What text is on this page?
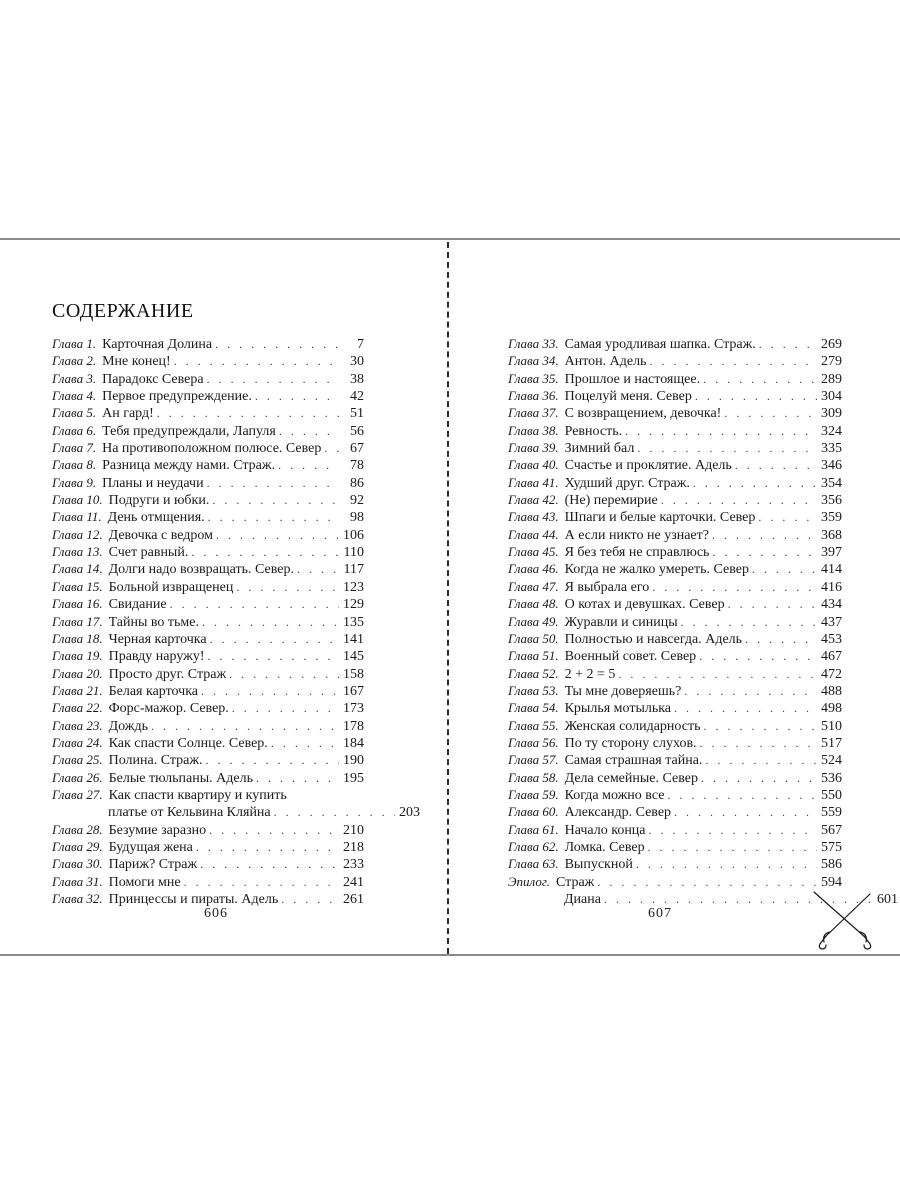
СОДЕРЖАНИЕ
Глава 1. Карточная Долина . . .	7
Глава 2. Мне конец! . . .	30
Глава 3. Парадокс Севера . . .	38
Глава 4. Первое предупреждение. . . .	42
Глава 5. Ан гард! . . .	51
Глава 6. Тебя предупреждали, Лапуля . . .	56
Глава 7. На противоположном полюсе. Север . . .	67
Глава 8. Разница между нами. Страж. . . .	78
Глава 9. Планы и неудачи . . .	86
Глава 10. Подруги и юбки. . . .	92
Глава 11. День отмщения. . . .	98
Глава 12. Девочка с ведром . . .	106
Глава 13. Счет равный. . . .	110
Глава 14. Долги надо возвращать. Север. . . .	117
Глава 15. Больной извращенец . . .	123
Глава 16. Свидание . . .	129
Глава 17. Тайны во тьме. . . .	135
Глава 18. Черная карточка . . .	141
Глава 19. Правду наружу! . . .	145
Глава 20. Просто друг. Страж . . .	158
Глава 21. Белая карточка . . .	167
Глава 22. Форс-мажор. Север. . . .	173
Глава 23. Дождь . . .	178
Глава 24. Как спасти Солнце. Север. . . .	184
Глава 25. Полина. Страж. . . .	190
Глава 26. Белые тюльпаны. Адель . . .	195
Глава 27. Как спасти квартиру и купить
платье от Кельвина Кляйна . . .	203
Глава 28. Безумие заразно . . .	210
Глава 29. Будущая жена . . .	218
Глава 30. Париж? Страж . . .	233
Глава 31. Помоги мне . . .	241
Глава 32. Принцессы и пираты. Адель . . .	261
606
Глава 33. Самая уродливая шапка. Страж. . . .	269
Глава 34. Антон. Адель . . .	279
Глава 35. Прошлое и настоящее. . . .	289
Глава 36. Поцелуй меня. Север . . .	304
Глава 37. С возвращением, девочка! . . .	309
Глава 38. Ревность. . . .	324
Глава 39. Зимний бал . . .	335
Глава 40. Счастье и проклятие. Адель . . .	346
Глава 41. Худший друг. Страж. . . .	354
Глава 42. (Не) перемирие . . .	356
Глава 43. Шпаги и белые карточки. Север . . .	359
Глава 44. А если никто не узнает? . . .	368
Глава 45. Я без тебя не справлюсь . . .	397
Глава 46. Когда не жалко умереть. Север . . .	414
Глава 47. Я выбрала его . . .	416
Глава 48. О котах и девушках. Север . . .	434
Глава 49. Журавли и синицы . . .	437
Глава 50. Полностью и навсегда. Адель . . .	453
Глава 51. Военный совет. Север . . .	467
Глава 52. 2 + 2 = 5 . . .	472
Глава 53. Ты мне доверяешь? . . .	488
Глава 54. Крылья мотылька . . .	498
Глава 55. Женская солидарность . . .	510
Глава 56. По ту сторону слухов. . . .	517
Глава 57. Самая страшная тайна. . . .	524
Глава 58. Дела семейные. Север . . .	536
Глава 59. Когда можно все . . .	550
Глава 60. Александр. Север . . .	559
Глава 61. Начало конца . . .	567
Глава 62. Ломка. Север . . .	575
Глава 63. Выпускной . . .	586
Эпилог. Страж . . .	594
Диана . . .	601
607
